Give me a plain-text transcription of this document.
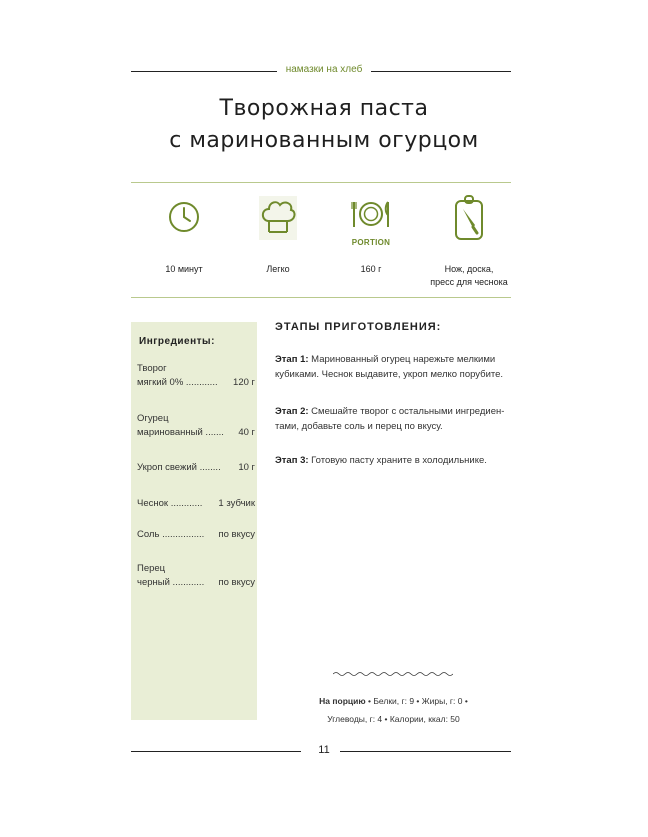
намазки на хлеб
Творожная паста
с маринованным огурцом
PORTION
10 минут	Легко	160 г	Нож, доска,
пресс для чеснока
Ингредиенты:
Творог
мягкий 0% ............ 120 г
Огурец
маринованный ....... 40 г
Укроп свежий ........ 10 г
Чеснок ............ 1 зубчик
Соль ................ по вкусу
Перец
черный ............ по вкусу
ЭТАПЫ ПРИГОТОВЛЕНИЯ:
Этап 1: Маринованный огурец нарежьте мелкими
кубиками. Чеснок выдавите, укроп мелко порубите.
Этап 2: Смешайте творог с остальными ингредиен-
тами, добавьте соль и перец по вкусу.
Этап 3: Готовую пасту храните в холодильнике.
На порцию • Белки, г: 9 • Жиры, г: 0 •
Углеводы, г: 4 • Калории, ккал: 50
11
